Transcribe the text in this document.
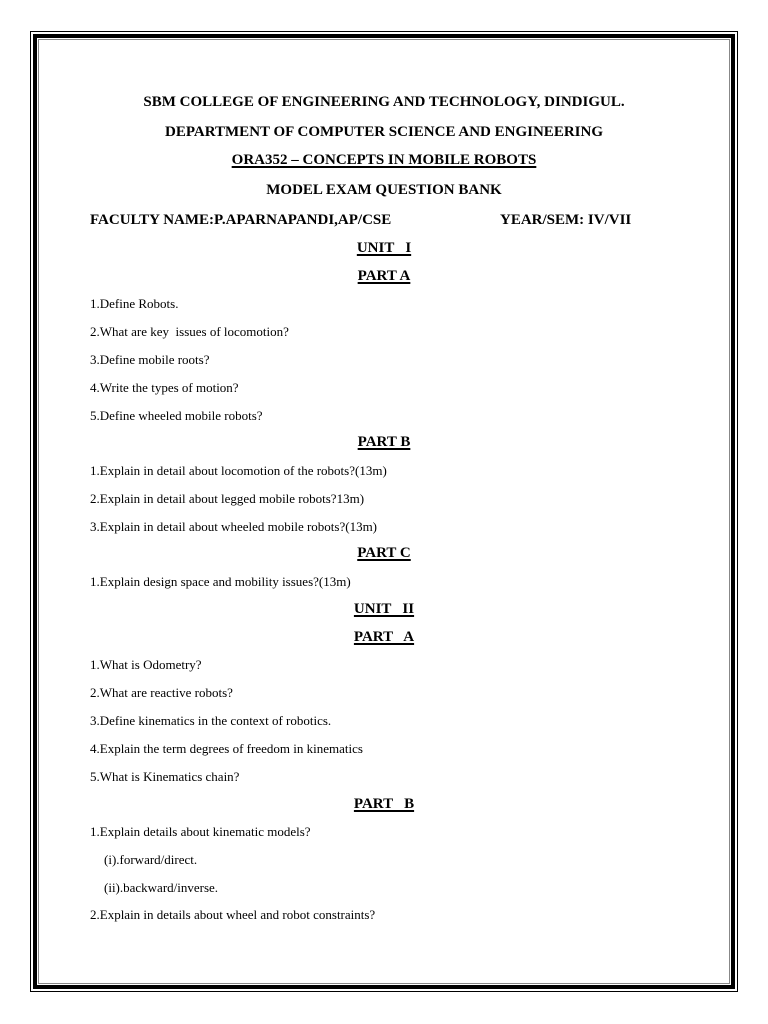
SBM COLLEGE OF ENGINEERING AND TECHNOLOGY, DINDIGUL.
DEPARTMENT OF COMPUTER SCIENCE AND ENGINEERING
ORA352 – CONCEPTS IN MOBILE ROBOTS
MODEL EXAM QUESTION BANK
FACULTY NAME:P.APARNAPANDI,AP/CSE	YEAR/SEM: IV/VII
UNIT   I
PART A
1.Define Robots.
2.What are key  issues of locomotion?
3.Define mobile roots?
4.Write the types of motion?
5.Define wheeled mobile robots?
PART B
1.Explain in detail about locomotion of the robots?(13m)
2.Explain in detail about legged mobile robots?13m)
3.Explain in detail about wheeled mobile robots?(13m)
PART C
1.Explain design space and mobility issues?(13m)
UNIT   II
PART   A
1.What is Odometry?
2.What are reactive robots?
3.Define kinematics in the context of robotics.
4.Explain the term degrees of freedom in kinematics
5.What is Kinematics chain?
PART   B
1.Explain details about kinematic models?
(i).forward/direct.
(ii).backward/inverse.
2.Explain in details about wheel and robot constraints?
